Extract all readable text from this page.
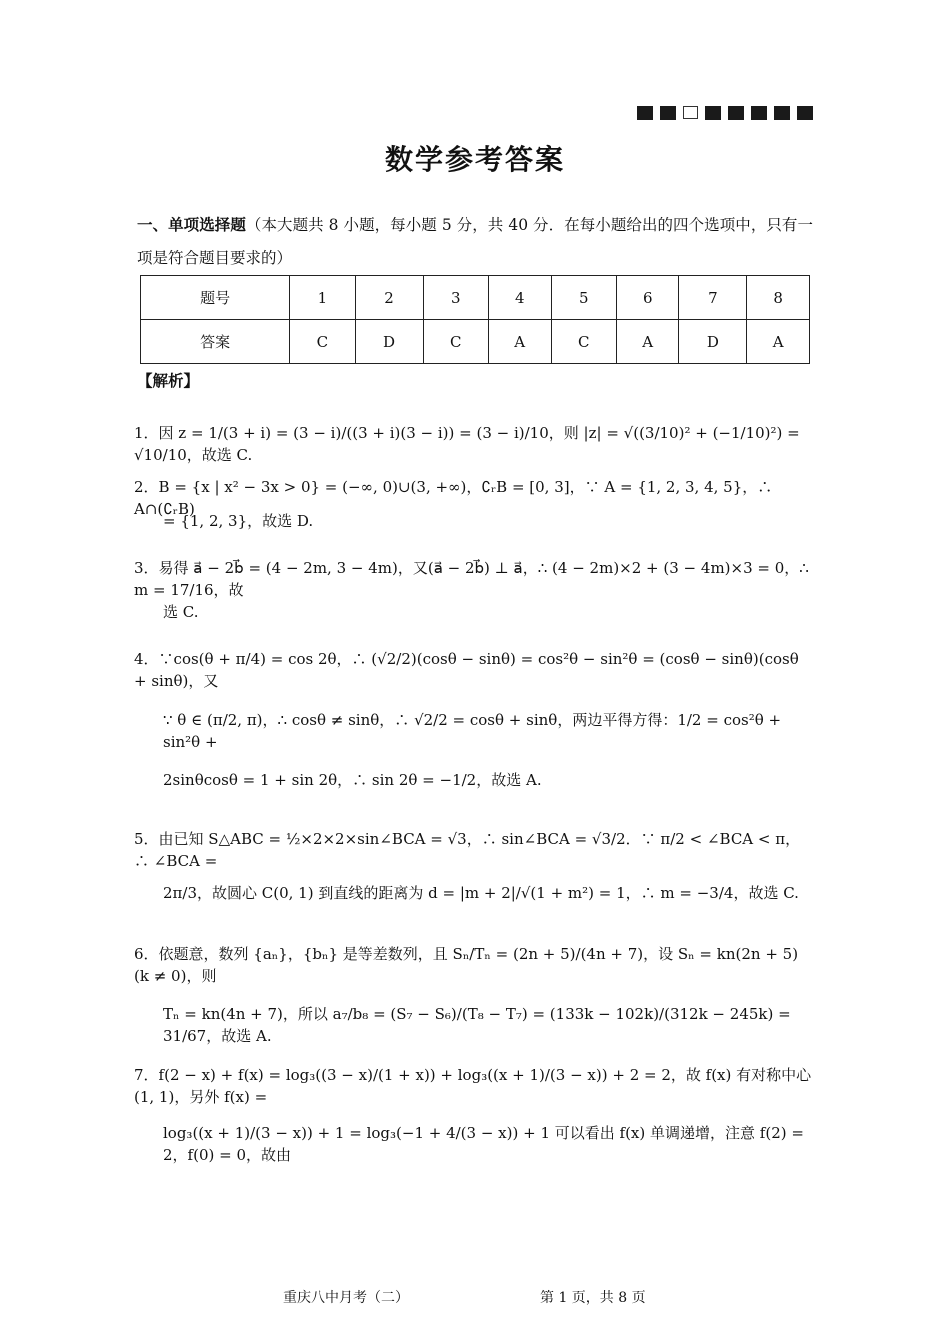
数学参考答案
一、单项选择题（本大题共 8 小题，每小题 5 分，共 40 分．在每小题给出的四个选项中，只有一项是符合题目要求的）
题号	1	2	3	4	5	6	7	8
答案	C	D	C	A	C	A	D	A
【解析】
1．因 z = 1/(3 + i) = (3 − i)/((3 + i)(3 − i)) = (3 − i)/10，则 |z| = √((3/10)² + (−1/10)²) = √10/10，故选 C.
2．B = {x | x² − 3x > 0} = (−∞, 0)∪(3, +∞)，∁ᵣB = [0, 3]，∵ A = {1, 2, 3, 4, 5}，∴ A∩(∁ᵣB)
= {1, 2, 3}，故选 D.
3．易得 a⃗ − 2b⃗ = (4 − 2m, 3 − 4m)，又(a⃗ − 2b⃗) ⊥ a⃗，∴ (4 − 2m)×2 + (3 − 4m)×3 = 0，∴ m = 17/16，故
选 C.
4．∵cos(θ + π/4) = cos 2θ，∴ (√2/2)(cosθ − sinθ) = cos²θ − sin²θ = (cosθ − sinθ)(cosθ + sinθ)，又
∵ θ ∈ (π/2, π)，∴ cosθ ≠ sinθ，∴ √2/2 = cosθ + sinθ，两边平得方得：1/2 = cos²θ + sin²θ +
2sinθcosθ = 1 + sin 2θ，∴ sin 2θ = −1/2，故选 A.
5．由已知 S△ABC = ½×2×2×sin∠BCA = √3，∴ sin∠BCA = √3/2．∵ π/2 < ∠BCA < π，∴ ∠BCA =
2π/3，故圆心 C(0, 1) 到直线的距离为 d = |m + 2|/√(1 + m²) = 1，∴ m = −3/4，故选 C.
6．依题意，数列 {aₙ}，{bₙ} 是等差数列，且 Sₙ/Tₙ = (2n + 5)/(4n + 7)，设 Sₙ = kn(2n + 5) (k ≠ 0)，则
Tₙ = kn(4n + 7)，所以 a₇/b₈ = (S₇ − S₆)/(T₈ − T₇) = (133k − 102k)/(312k − 245k) = 31/67，故选 A.
7．f(2 − x) + f(x) = log₃((3 − x)/(1 + x)) + log₃((x + 1)/(3 − x)) + 2 = 2，故 f(x) 有对称中心 (1, 1)，另外 f(x) =
log₃((x + 1)/(3 − x)) + 1 = log₃(−1 + 4/(3 − x)) + 1 可以看出 f(x) 单调递增，注意 f(2) = 2，f(0) = 0，故由
重庆八中月考（二）	第 1 页，共 8 页
